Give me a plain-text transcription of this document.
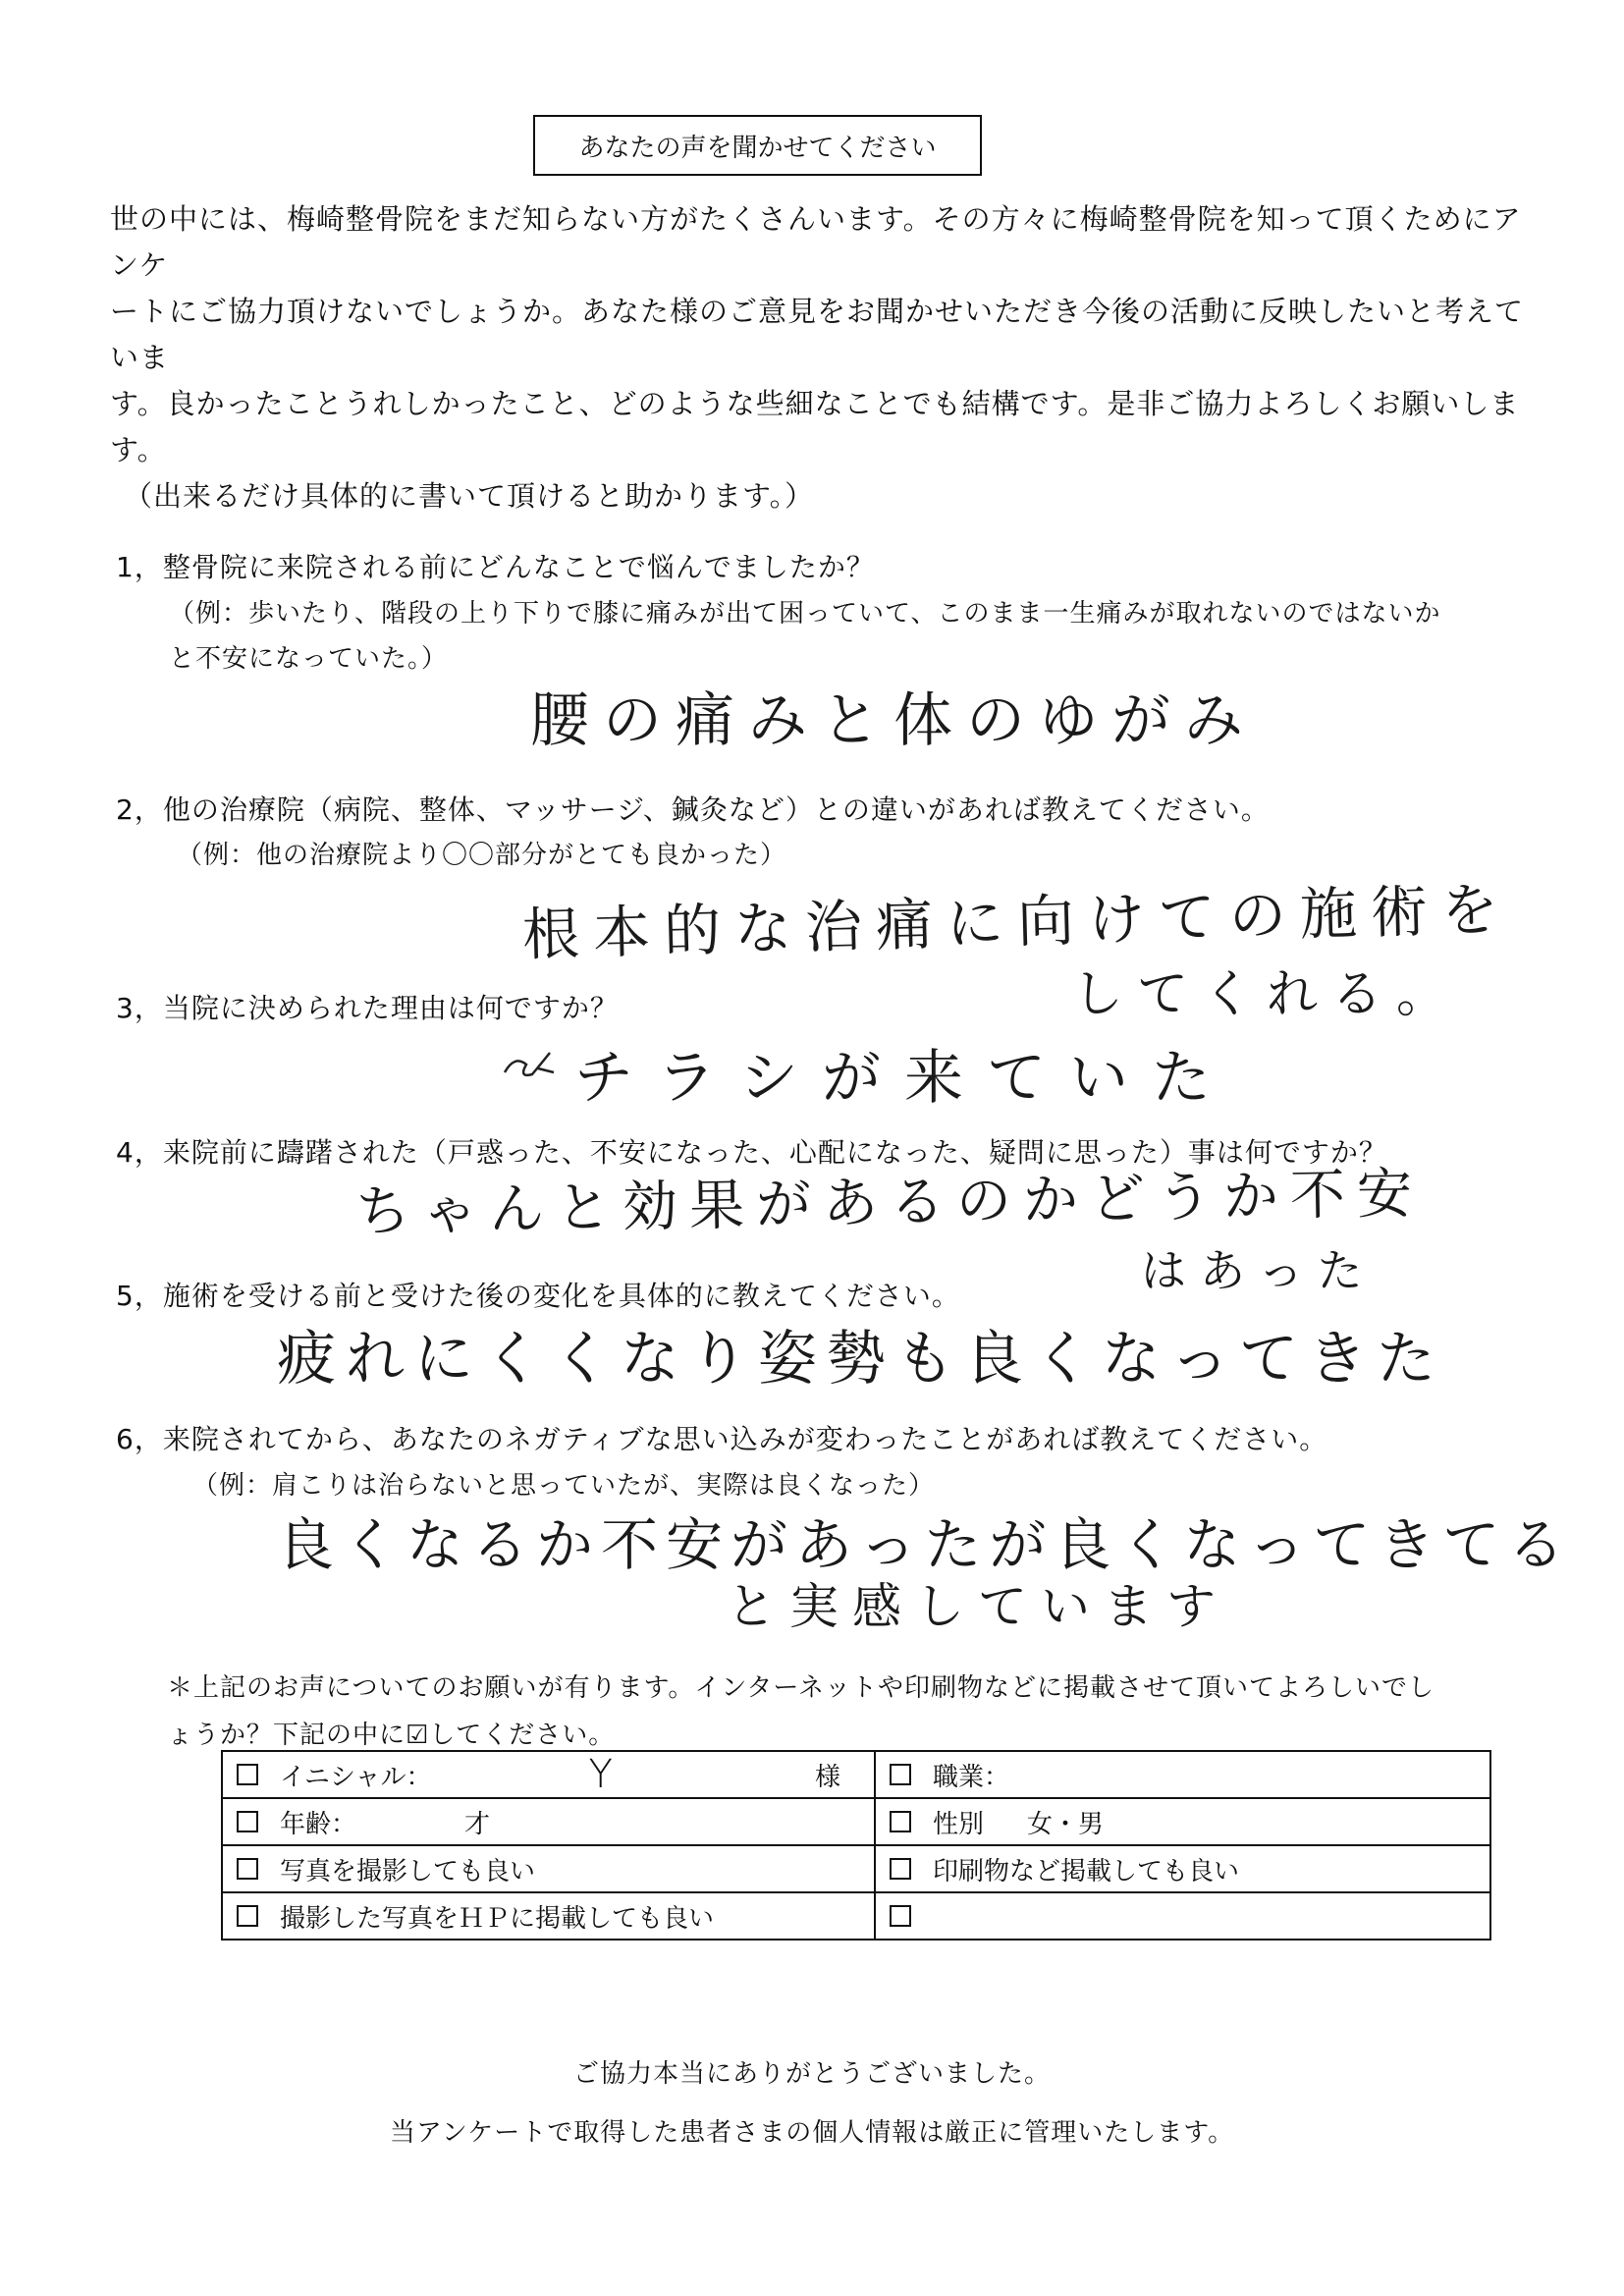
あなたの声を聞かせてください

世の中には、梅崎整骨院をまだ知らない方がたくさんいます。その方々に梅崎整骨院を知って頂くためにアンケ

ートにご協力頂けないでしょうか。あなた様のご意見をお聞かせいただき今後の活動に反映したいと考えていま

す。良かったことうれしかったこと、どのような些細なことでも結構です。是非ご協力よろしくお願いします。

（出来るだけ具体的に書いて頂けると助かります。）

1，整骨院に来院される前にどんなことで悩んでましたか？
（例：歩いたり、階段の上り下りで膝に痛みが出て困っていて、このまま一生痛みが取れないのではないか
と不安になっていた。）
腰の痛みと体のゆがみ
2，他の治療院（病院、整体、マッサージ、鍼灸など）との違いがあれば教えてください。
（例：他の治療院より〇〇部分がとても良かった）
根本的な治痛に向けての施術を
してくれる。
3，当院に決められた理由は何ですか？
チラシが来ていた
4，来院前に躊躇された（戸惑った、不安になった、心配になった、疑問に思った）事は何ですか？
ちゃんと効果があるのかどうか不安
はあった
5，施術を受ける前と受けた後の変化を具体的に教えてください。
疲れにくくなり姿勢も良くなってきた
6，来院されてから、あなたのネガティブな思い込みが変わったことがあれば教えてください。
（例：肩こりは治らないと思っていたが、実際は良くなった）
良くなるか不安があったが良くなってきてる
と実感しています

＊上記のお声についてのお願いが有ります。インターネットや印刷物などに掲載させて頂いてよろしいでし

ょうか？下記の中に☑してください。

イニシャル： Y 様	職業：

年齢： 才	性別 女・男

写真を撮影しても良い	印刷物など掲載しても良い

撮影した写真をＨＰに掲載しても良い	

ご協力本当にありがとうございました。

当アンケートで取得した患者さまの個人情報は厳正に管理いたします。
